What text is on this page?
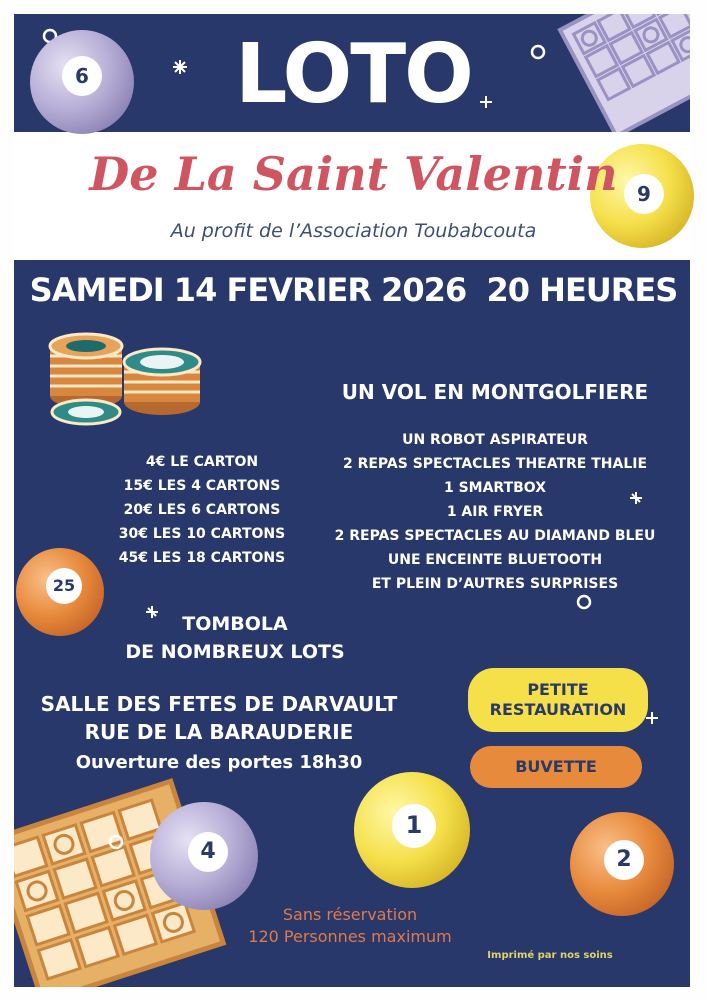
6
9
25
4
1
2
LOTO
De La Saint Valentin
Au profit de l’Association Toubabcouta
SAMEDI 14 FEVRIER 2026  20 HEURES
UN VOL EN MONTGOLFIERE
UN ROBOT ASPIRATEUR
2 REPAS SPECTACLES THEATRE THALIE
1 SMARTBOX
1 AIR FRYER
2 REPAS SPECTACLES AU DIAMAND BLEU
UNE ENCEINTE BLUETOOTH
ET PLEIN D’AUTRES SURPRISES
4€ LE CARTON
15€ LES 4 CARTONS
20€ LES 6 CARTONS
30€ LES 10 CARTONS
45€ LES 18 CARTONS
TOMBOLA
DE NOMBREUX LOTS
SALLE DES FETES DE DARVAULT
RUE DE LA BARAUDERIE
Ouverture des portes 18h30
PETITE
RESTAURATION
BUVETTE
Sans réservation
120 Personnes maximum
Imprimé par nos soins
